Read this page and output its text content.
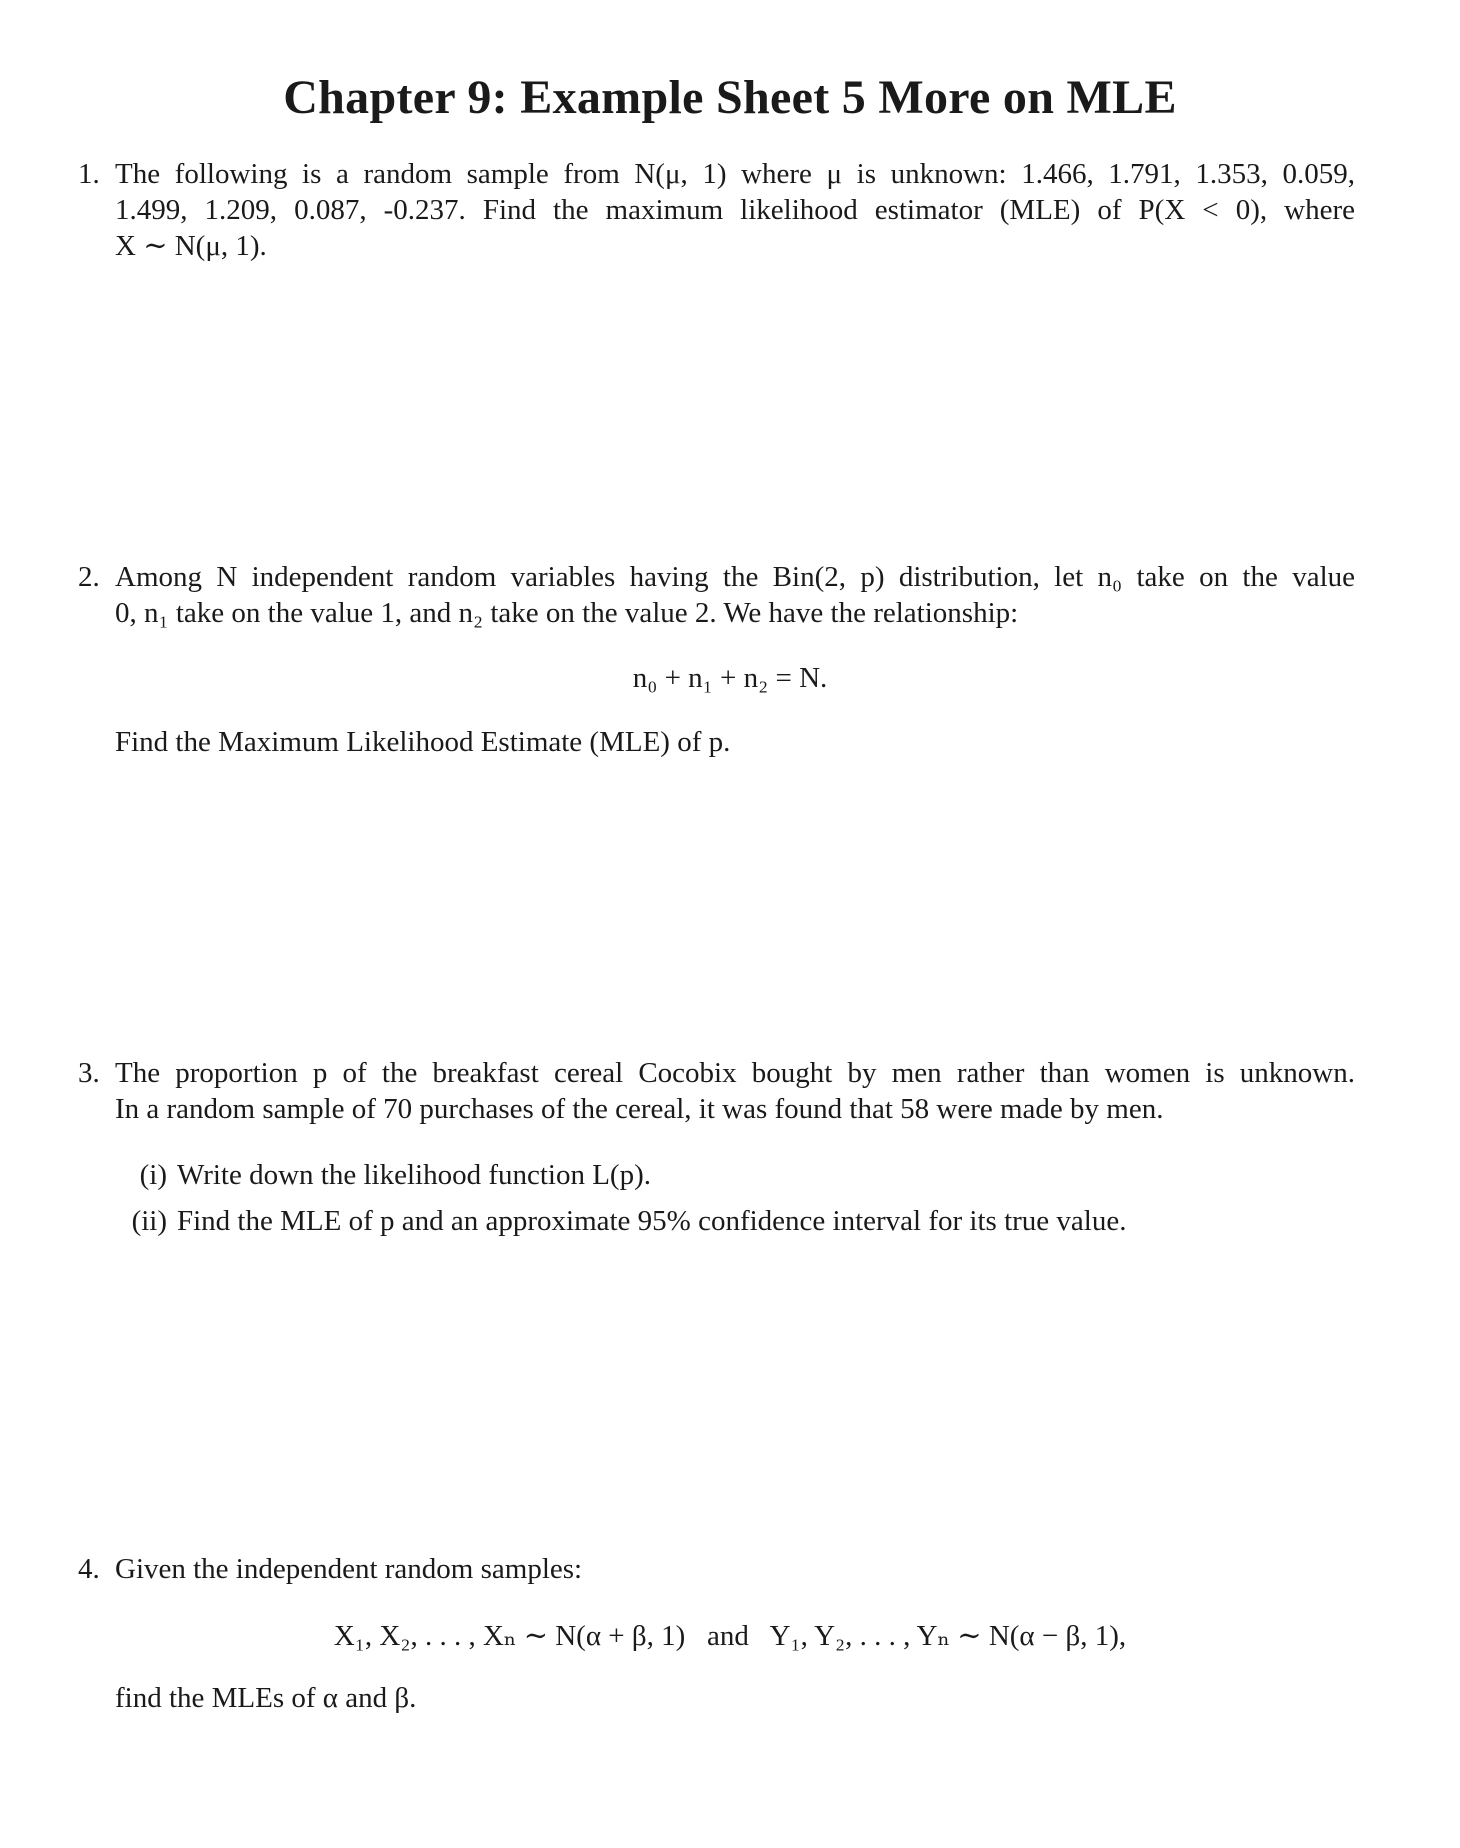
Chapter 9: Example Sheet 5 More on MLE
1. The following is a random sample from N(μ, 1) where μ is unknown: 1.466, 1.791, 1.353, 0.059,
1.499, 1.209, 0.087, -0.237. Find the maximum likelihood estimator (MLE) of P(X < 0), where
X ∼ N(μ, 1).
2. Among N independent random variables having the Bin(2, p) distribution, let n₀ take on the value
0, n₁ take on the value 1, and n₂ take on the value 2. We have the relationship:
n₀ + n₁ + n₂ = N.
Find the Maximum Likelihood Estimate (MLE) of p.
3. The proportion p of the breakfast cereal Cocobix bought by men rather than women is unknown.
In a random sample of 70 purchases of the cereal, it was found that 58 were made by men.
(i) Write down the likelihood function L(p).
(ii) Find the MLE of p and an approximate 95% confidence interval for its true value.
4. Given the independent random samples:
X₁, X₂, . . . , Xₙ ∼ N(α + β, 1)   and   Y₁, Y₂, . . . , Yₙ ∼ N(α − β, 1),
find the MLEs of α and β.
